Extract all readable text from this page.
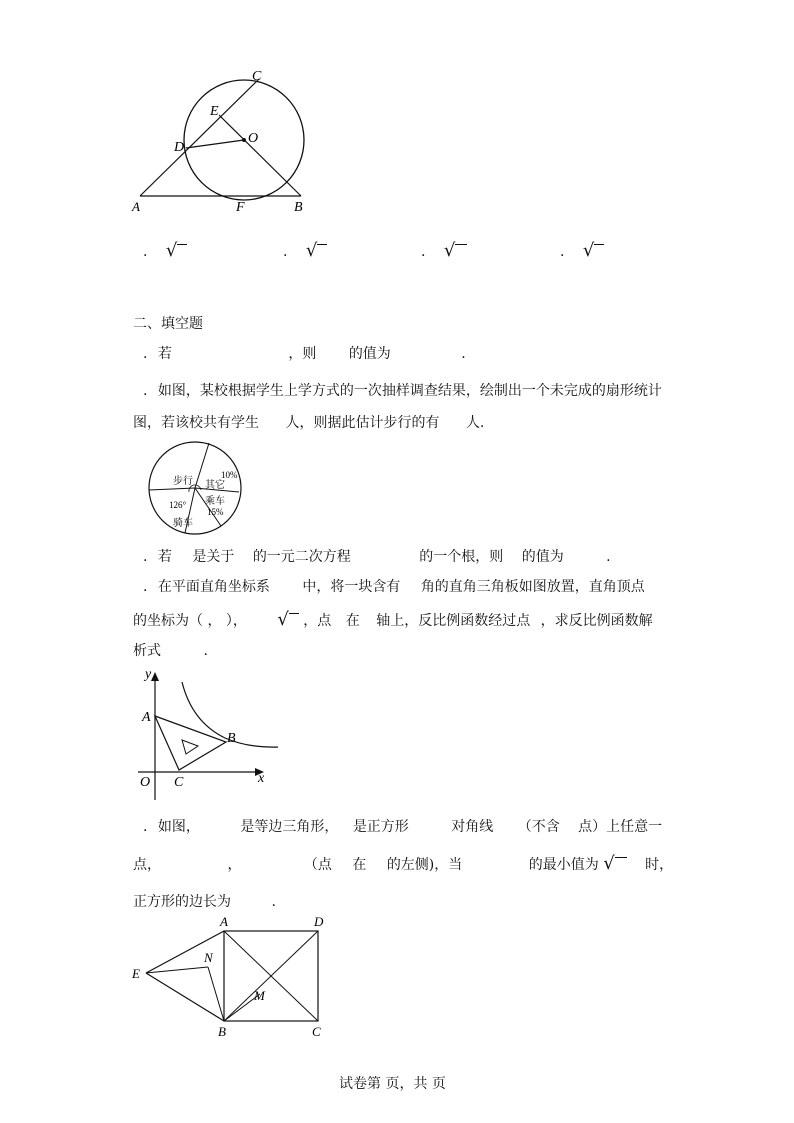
A	B
C
D
E
F
O
. √	. √	. √	. √
二、填空题
. 若	，则 的值为	.
. 如图，某校根据学生上学方式的一次抽样调查结果，绘制出一个未完成的扇形统计
图，若该校共有学生 人，则据此估计步行的有 人.
步行
10%
其它
乘车
15%
126°
骑车
. 若 是关于 的一元二次方程	的一个根，则 的值为	.
. 在平面直角坐标系 中，将一块含有 角的直角三角板如图放置，直角顶点
的坐标为（ ， ）， √ ，点 在 轴上，反比例函数经过点 ，求反比例函数解
析式	.
y
x
A
B
C
O
. 如图，	是等边三角形， 是正方形	对角线 （不含 点）上任意一
点，	，	（点 在 的左侧)，当	的最小值为 √ 时，
正方形的边长为	.
A	D
E
N
M
B	C
试卷第 页，共 页
